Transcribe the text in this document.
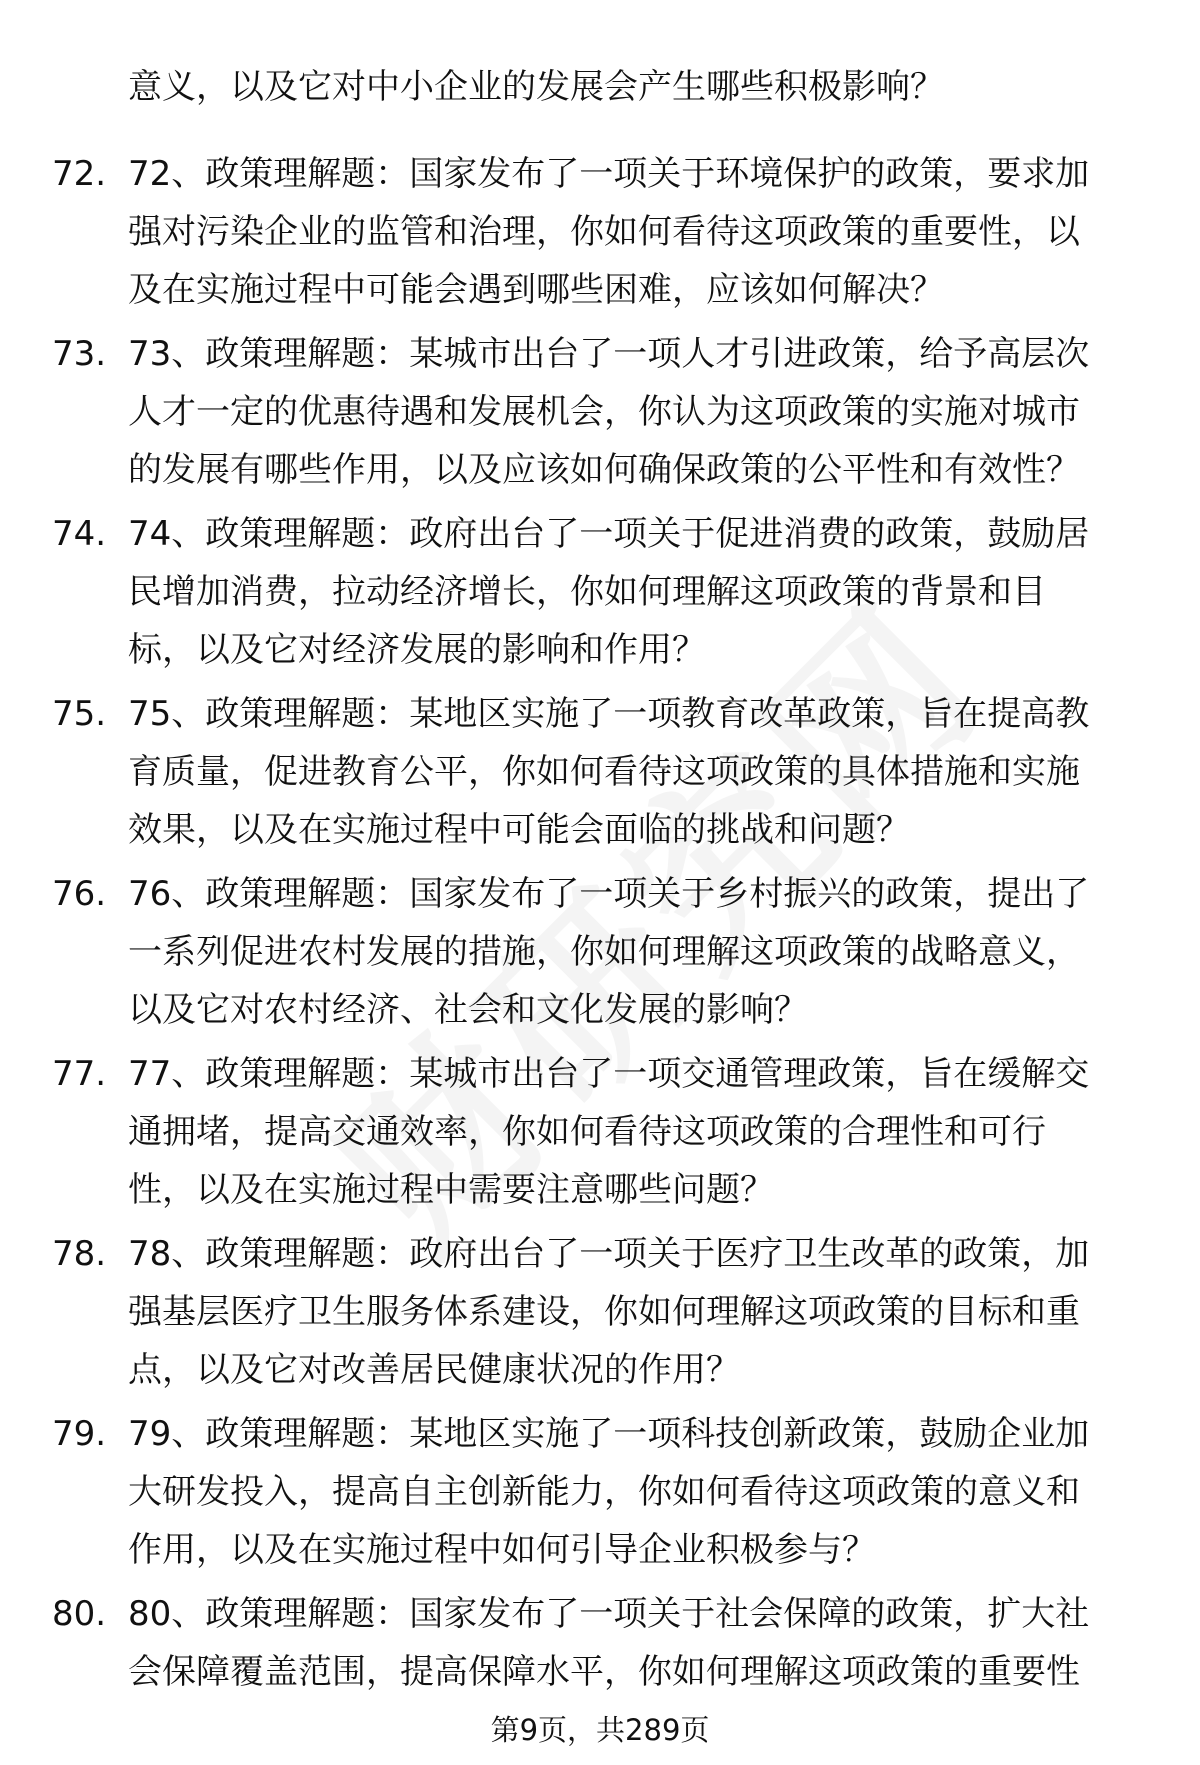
意义，以及它对中小企业的发展会产生哪些积极影响？
72. 72、政策理解题：国家发布了一项关于环境保护的政策，要求加
强对污染企业的监管和治理，你如何看待这项政策的重要性，以
及在实施过程中可能会遇到哪些困难，应该如何解决？
73. 73、政策理解题：某城市出台了一项人才引进政策，给予高层次
人才一定的优惠待遇和发展机会，你认为这项政策的实施对城市
的发展有哪些作用，以及应该如何确保政策的公平性和有效性？
74. 74、政策理解题：政府出台了一项关于促进消费的政策，鼓励居
民增加消费，拉动经济增长，你如何理解这项政策的背景和目
标，以及它对经济发展的影响和作用？
75. 75、政策理解题：某地区实施了一项教育改革政策，旨在提高教
育质量，促进教育公平，你如何看待这项政策的具体措施和实施
效果，以及在实施过程中可能会面临的挑战和问题？
76. 76、政策理解题：国家发布了一项关于乡村振兴的政策，提出了
一系列促进农村发展的措施，你如何理解这项政策的战略意义，
以及它对农村经济、社会和文化发展的影响？
77. 77、政策理解题：某城市出台了一项交通管理政策，旨在缓解交
通拥堵，提高交通效率，你如何看待这项政策的合理性和可行
性，以及在实施过程中需要注意哪些问题？
78. 78、政策理解题：政府出台了一项关于医疗卫生改革的政策，加
强基层医疗卫生服务体系建设，你如何理解这项政策的目标和重
点，以及它对改善居民健康状况的作用？
79. 79、政策理解题：某地区实施了一项科技创新政策，鼓励企业加
大研发投入，提高自主创新能力，你如何看待这项政策的意义和
作用，以及在实施过程中如何引导企业积极参与？
80. 80、政策理解题：国家发布了一项关于社会保障的政策，扩大社
会保障覆盖范围，提高保障水平，你如何理解这项政策的重要性
第9页，共289页
